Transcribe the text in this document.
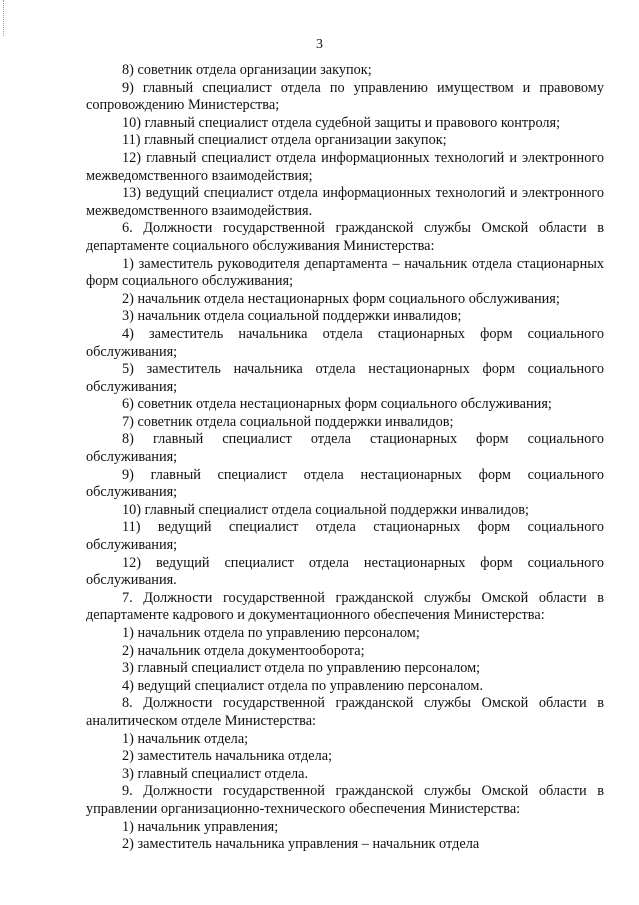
3

8) советник отдела организации закупок;

9) главный специалист отдела по управлению имуществом и правовому сопровождению Министерства;

10) главный специалист отдела судебной защиты и правового контроля;

11) главный специалист отдела организации закупок;

12) главный специалист отдела информационных технологий и электронного межведомственного взаимодействия;

13) ведущий специалист отдела информационных технологий и электронного межведомственного взаимодействия.

6. Должности государственной гражданской службы Омской области в департаменте социального обслуживания Министерства:

1) заместитель руководителя департамента – начальник отдела стационарных форм социального обслуживания;

2) начальник отдела нестационарных форм социального обслуживания;

3) начальник отдела социальной поддержки инвалидов;

4) заместитель начальника отдела стационарных форм социального обслуживания;

5) заместитель начальника отдела нестационарных форм социального обслуживания;

6) советник отдела нестационарных форм социального обслуживания;

7) советник отдела социальной поддержки инвалидов;

8) главный специалист отдела стационарных форм социального обслуживания;

9) главный специалист отдела нестационарных форм социального обслуживания;

10) главный специалист отдела социальной поддержки инвалидов;

11) ведущий специалист отдела стационарных форм социального обслуживания;

12) ведущий специалист отдела нестационарных форм социального обслуживания.

7. Должности государственной гражданской службы Омской области в департаменте кадрового и документационного обеспечения Министерства:

1) начальник отдела по управлению персоналом;

2) начальник отдела документооборота;

3) главный специалист отдела по управлению персоналом;

4) ведущий специалист отдела по управлению персоналом.

8. Должности государственной гражданской службы Омской области в аналитическом отделе Министерства:

1) начальник отдела;

2) заместитель начальника отдела;

3) главный специалист отдела.

9. Должности государственной гражданской службы Омской области в управлении организационно-технического обеспечения Министерства:

1) начальник управления;

2) заместитель начальника управления – начальник отдела
